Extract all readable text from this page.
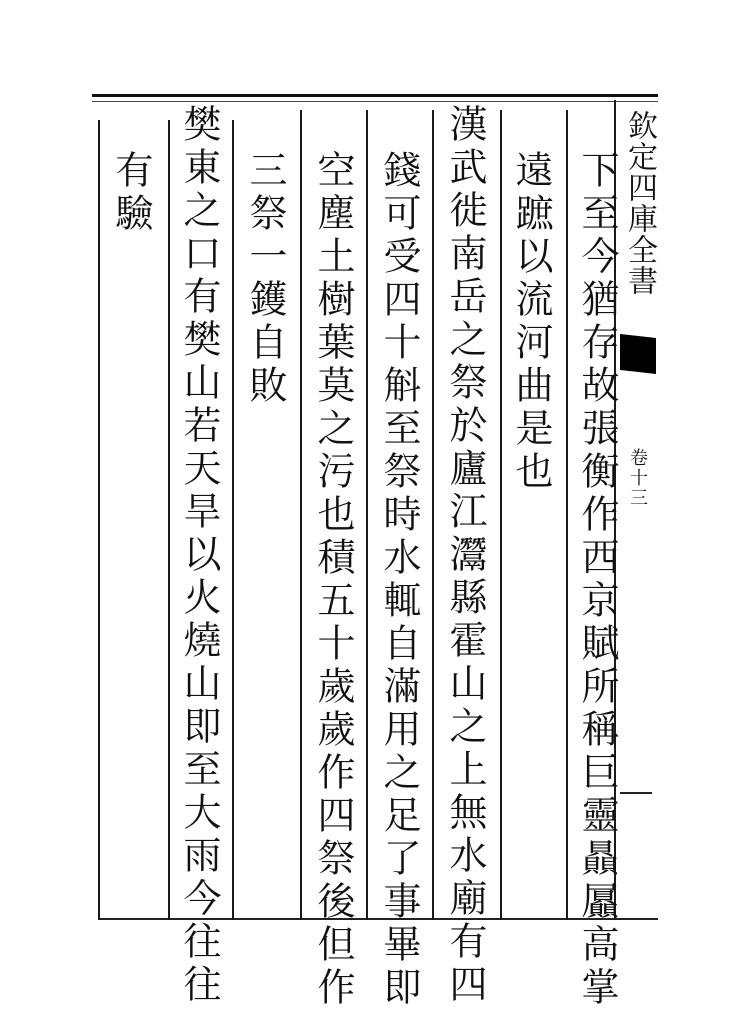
欽定四庫全書
卷十三
下至今猶存故張衡作西京賦所稱巨靈贔屭高掌
遠蹠以流河曲是也
漢武徙南岳之祭於廬江灊縣霍山之上無水廟有四
錢可受四十斛至祭時水輒自滿用之足了事畢即
空塵土樹葉莫之污也積五十歲歲作四祭後但作
三祭一鑊自敗
樊東之口有樊山若天旱以火燒山即至大雨今往往
有驗
